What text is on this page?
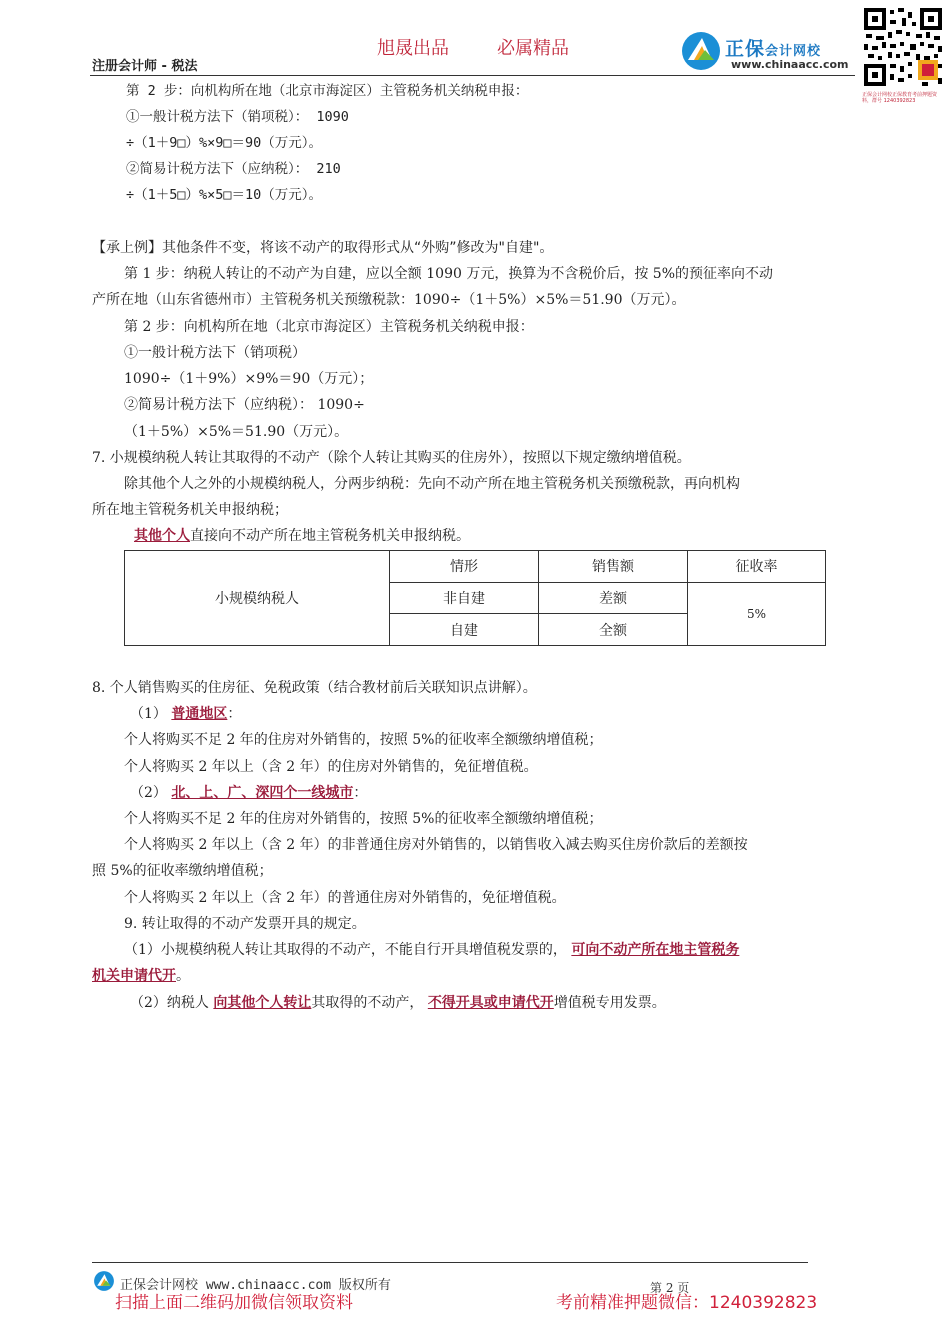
旭晟出品	必属精品
注册会计师 - 税法
正保会计网校
www.chinaacc.com
正保会计网校正保教育考前押题资料，群号 1240392823
第 2 步：向机构所在地（北京市海淀区）主管税务机关纳税申报：
①一般计税方法下（销项税）： 1090
÷（1＋9□）%×9□＝90（万元）。
②简易计税方法下（应纳税）： 210
÷（1＋5□）%×5□＝10（万元）。
【承上例】其他条件不变，将该不动产的取得形式从“外购”修改为"自建"。
第 1 步：纳税人转让的不动产为自建，应以全额 1090 万元，换算为不含税价后，按 5%的预征率向不动
产所在地（山东省德州市）主管税务机关预缴税款：1090÷（1＋5%）×5%＝51.90（万元）。
第 2 步：向机构所在地（北京市海淀区）主管税务机关纳税申报：
①一般计税方法下（销项税）
1090÷（1＋9%）×9%＝90（万元）；
②简易计税方法下（应纳税）： 1090÷
（1＋5%）×5%＝51.90（万元）。
7. 小规模纳税人转让其取得的不动产（除个人转让其购买的住房外），按照以下规定缴纳增值税。
除其他个人之外的小规模纳税人，分两步纳税：先向不动产所在地主管税务机关预缴税款，再向机构
所在地主管税务机关申报纳税；
其他个人直接向不动产所在地主管税务机关申报纳税。
小规模纳税人	情形	销售额	征收率
	非自建	差额	5%
	自建	全额	
8. 个人销售购买的住房征、免税政策（结合教材前后关联知识点讲解）。
（1） 普通地区：
个人将购买不足 2 年的住房对外销售的，按照 5%的征收率全额缴纳增值税；
个人将购买 2 年以上（含 2 年）的住房对外销售的，免征增值税。
（2） 北、上、广、深四个一线城市：
个人将购买不足 2 年的住房对外销售的，按照 5%的征收率全额缴纳增值税；
个人将购买 2 年以上（含 2 年）的非普通住房对外销售的，以销售收入减去购买住房价款后的差额按
照 5%的征收率缴纳增值税；
个人将购买 2 年以上（含 2 年）的普通住房对外销售的，免征增值税。
9. 转让取得的不动产发票开具的规定。
（1）小规模纳税人转让其取得的不动产，不能自行开具增值税发票的， 可向不动产所在地主管税务
机关申请代开。
（2）纳税人 向其他个人转让其取得的不动产， 不得开具或申请代开增值税专用发票。
正保会计网校 www.chinaacc.com 版权所有	第 2 页
扫描上面二维码加微信领取资料	考前精准押题微信：1240392823
